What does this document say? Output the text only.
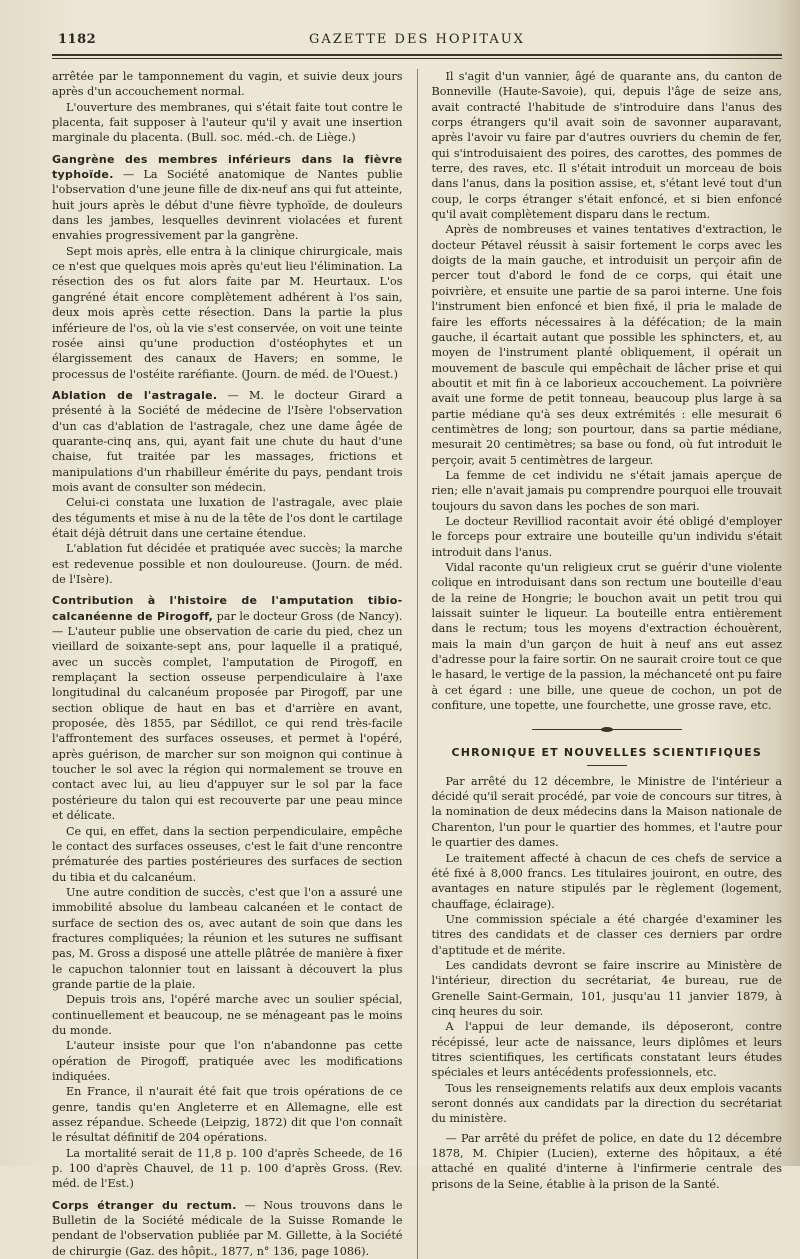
1182	GAZETTE DES HOPITAUX

arrêtée par le tamponnement du vagin, et suivie deux jours après d'un accouchement normal.

L'ouverture des membranes, qui s'était faite tout contre le placenta, fait supposer à l'auteur qu'il y avait une insertion marginale du placenta. (Bull. soc. méd.-ch. de Liège.)

Gangrène des membres inférieurs dans la fièvre typhoïde. — La Société anatomique de Nantes publie l'observation d'une jeune fille de dix-neuf ans qui fut atteinte, huit jours après le début d'une fièvre typhoïde, de douleurs dans les jambes, lesquelles devinrent violacées et furent envahies progressivement par la gangrène.

Sept mois après, elle entra à la clinique chirurgicale, mais ce n'est que quelques mois après qu'eut lieu l'élimination. La résection des os fut alors faite par M. Heurtaux. L'os gangréné était encore complètement adhérent à l'os sain, deux mois après cette résection. Dans la partie la plus inférieure de l'os, où la vie s'est conservée, on voit une teinte rosée ainsi qu'une production d'ostéophytes et un élargissement des canaux de Havers; en somme, le processus de l'ostéite raréfiante. (Journ. de méd. de l'Ouest.)

Ablation de l'astragale. — M. le docteur Girard a présenté à la Société de médecine de l'Isère l'observation d'un cas d'ablation de l'astragale, chez une dame âgée de quarante-cinq ans, qui, ayant fait une chute du haut d'une chaise, fut traitée par les massages, frictions et manipulations d'un rhabilleur émérite du pays, pendant trois mois avant de consulter son médecin.

Celui-ci constata une luxation de l'astragale, avec plaie des téguments et mise à nu de la tête de l'os dont le cartilage était déjà détruit dans une certaine étendue.

L'ablation fut décidée et pratiquée avec succès; la marche est redevenue possible et non douloureuse. (Journ. de méd. de l'Isère).

Contribution à l'histoire de l'amputation tibio-calcanéenne de Pirogoff, par le docteur Gross (de Nancy). — L'auteur publie une observation de carie du pied, chez un vieillard de soixante-sept ans, pour laquelle il a pratiqué, avec un succès complet, l'amputation de Pirogoff, en remplaçant la section osseuse perpendiculaire à l'axe longitudinal du calcanéum proposée par Pirogoff, par une section oblique de haut en bas et d'arrière en avant, proposée, dès 1855, par Sédillot, ce qui rend très-facile l'affrontement des surfaces osseuses, et permet à l'opéré, après guérison, de marcher sur son moignon qui continue à toucher le sol avec la région qui normalement se trouve en contact avec lui, au lieu d'appuyer sur le sol par la face postérieure du talon qui est recouverte par une peau mince et délicate.

Ce qui, en effet, dans la section perpendiculaire, empêche le contact des surfaces osseuses, c'est le fait d'une rencontre prématurée des parties postérieures des surfaces de section du tibia et du calcanéum.

Une autre condition de succès, c'est que l'on a assuré une immobilité absolue du lambeau calcanéen et le contact de surface de section des os, avec autant de soin que dans les fractures compliquées; la réunion et les sutures ne suffisant pas, M. Gross a disposé une attelle plâtrée de manière à fixer le capuchon talonnier tout en laissant à découvert la plus grande partie de la plaie.

Depuis trois ans, l'opéré marche avec un soulier spécial, continuellement et beaucoup, ne se ménageant pas le moins du monde.

L'auteur insiste pour que l'on n'abandonne pas cette opération de Pirogoff, pratiquée avec les modifications indiquées.

En France, il n'aurait été fait que trois opérations de ce genre, tandis qu'en Angleterre et en Allemagne, elle est assez répandue. Scheede (Leipzig, 1872) dit que l'on connaît le résultat définitif de 204 opérations.

La mortalité serait de 11,8 p. 100 d'après Scheede, de 16 p. 100 d'après Chauvel, de 11 p. 100 d'après Gross. (Rev. méd. de l'Est.)

Corps étranger du rectum. — Nous trouvons dans le Bulletin de la Société médicale de la Suisse Romande le pendant de l'observation publiée par M. Gillette, à la Société de chirurgie (Gaz. des hôpit., 1877, n° 136, page 1086).

Il s'agit d'un vannier, âgé de quarante ans, du canton de Bonneville (Haute-Savoie), qui, depuis l'âge de seize ans, avait contracté l'habitude de s'introduire dans l'anus des corps étrangers qu'il avait soin de savonner auparavant, après l'avoir vu faire par d'autres ouvriers du chemin de fer, qui s'introduisaient des poires, des carottes, des pommes de terre, des raves, etc. Il s'était introduit un morceau de bois dans l'anus, dans la position assise, et, s'étant levé tout d'un coup, le corps étranger s'était enfoncé, et si bien enfoncé qu'il avait complètement disparu dans le rectum.

Après de nombreuses et vaines tentatives d'extraction, le docteur Pétavel réussit à saisir fortement le corps avec les doigts de la main gauche, et introduisit un perçoir afin de percer tout d'abord le fond de ce corps, qui était une poivrière, et ensuite une partie de sa paroi interne. Une fois l'instrument bien enfoncé et bien fixé, il pria le malade de faire les efforts nécessaires à la défécation; de la main gauche, il écartait autant que possible les sphincters, et, au moyen de l'instrument planté obliquement, il opérait un mouvement de bascule qui empêchait de lâcher prise et qui aboutit et mit fin à ce laborieux accouchement. La poivrière avait une forme de petit tonneau, beaucoup plus large à sa partie médiane qu'à ses deux extrémités : elle mesurait 6 centimètres de long; son pourtour, dans sa partie médiane, mesurait 20 centimètres; sa base ou fond, où fut introduit le perçoir, avait 5 centimètres de largeur.

La femme de cet individu ne s'était jamais aperçue de rien; elle n'avait jamais pu comprendre pourquoi elle trouvait toujours du savon dans les poches de son mari.

Le docteur Revilliod racontait avoir été obligé d'employer le forceps pour extraire une bouteille qu'un individu s'était introduit dans l'anus.

Vidal raconte qu'un religieux crut se guérir d'une violente colique en introduisant dans son rectum une bouteille d'eau de la reine de Hongrie; le bouchon avait un petit trou qui laissait suinter le liqueur. La bouteille entra entièrement dans le rectum; tous les moyens d'extraction échouèrent, mais la main d'un garçon de huit à neuf ans eut assez d'adresse pour la faire sortir. On ne saurait croire tout ce que le hasard, le vertige de la passion, la méchanceté ont pu faire à cet égard : une bille, une queue de cochon, un pot de confiture, une topette, une fourchette, une grosse rave, etc.

CHRONIQUE ET NOUVELLES SCIENTIFIQUES

Par arrêté du 12 décembre, le Ministre de l'intérieur a décidé qu'il serait procédé, par voie de concours sur titres, à la nomination de deux médecins dans la Maison nationale de Charenton, l'un pour le quartier des hommes, et l'autre pour le quartier des dames.

Le traitement affecté à chacun de ces chefs de service a été fixé à 8,000 francs. Les titulaires jouiront, en outre, des avantages en nature stipulés par le règlement (logement, chauffage, éclairage).

Une commission spéciale a été chargée d'examiner les titres des candidats et de classer ces derniers par ordre d'aptitude et de mérite.

Les candidats devront se faire inscrire au Ministère de l'intérieur, direction du secrétariat, 4e bureau, rue de Grenelle Saint-Germain, 101, jusqu'au 11 janvier 1879, à cinq heures du soir.

A l'appui de leur demande, ils déposeront, contre récépissé, leur acte de naissance, leurs diplômes et leurs titres scientifiques, les certificats constatant leurs études spéciales et leurs antécédents professionnels, etc.

Tous les renseignements relatifs aux deux emplois vacants seront donnés aux candidats par la direction du secrétariat du ministère.

— Par arrêté du préfet de police, en date du 12 décembre 1878, M. Chipier (Lucien), externe des hôpitaux, a été attaché en qualité d'interne à l'infirmerie centrale des prisons de la Seine, établie à la prison de la Santé.
